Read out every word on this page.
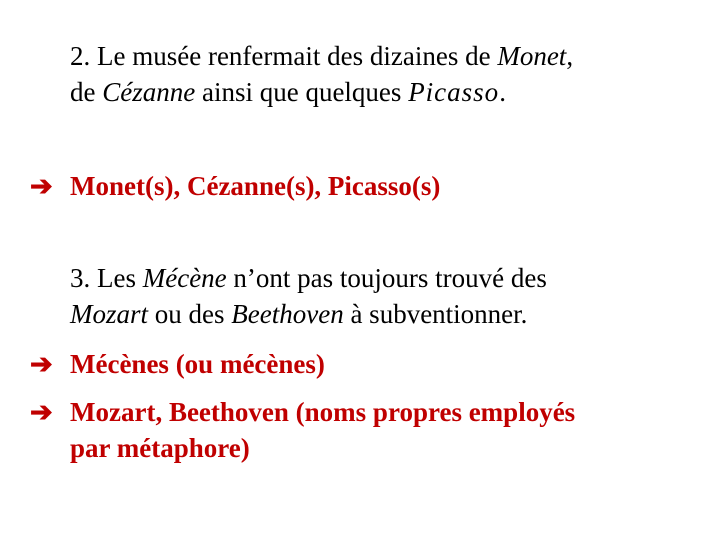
2. Le musée renfermait des dizaines de Monet,
de Cézanne ainsi que quelques Picasso.

➔ Monet(s), Cézanne(s), Picasso(s)

3. Les Mécène n’ont pas toujours trouvé des
Mozart ou des Beethoven à subventionner.

➔ Mécènes (ou mécènes)

➔ Mozart, Beethoven (noms propres employés
par métaphore)
